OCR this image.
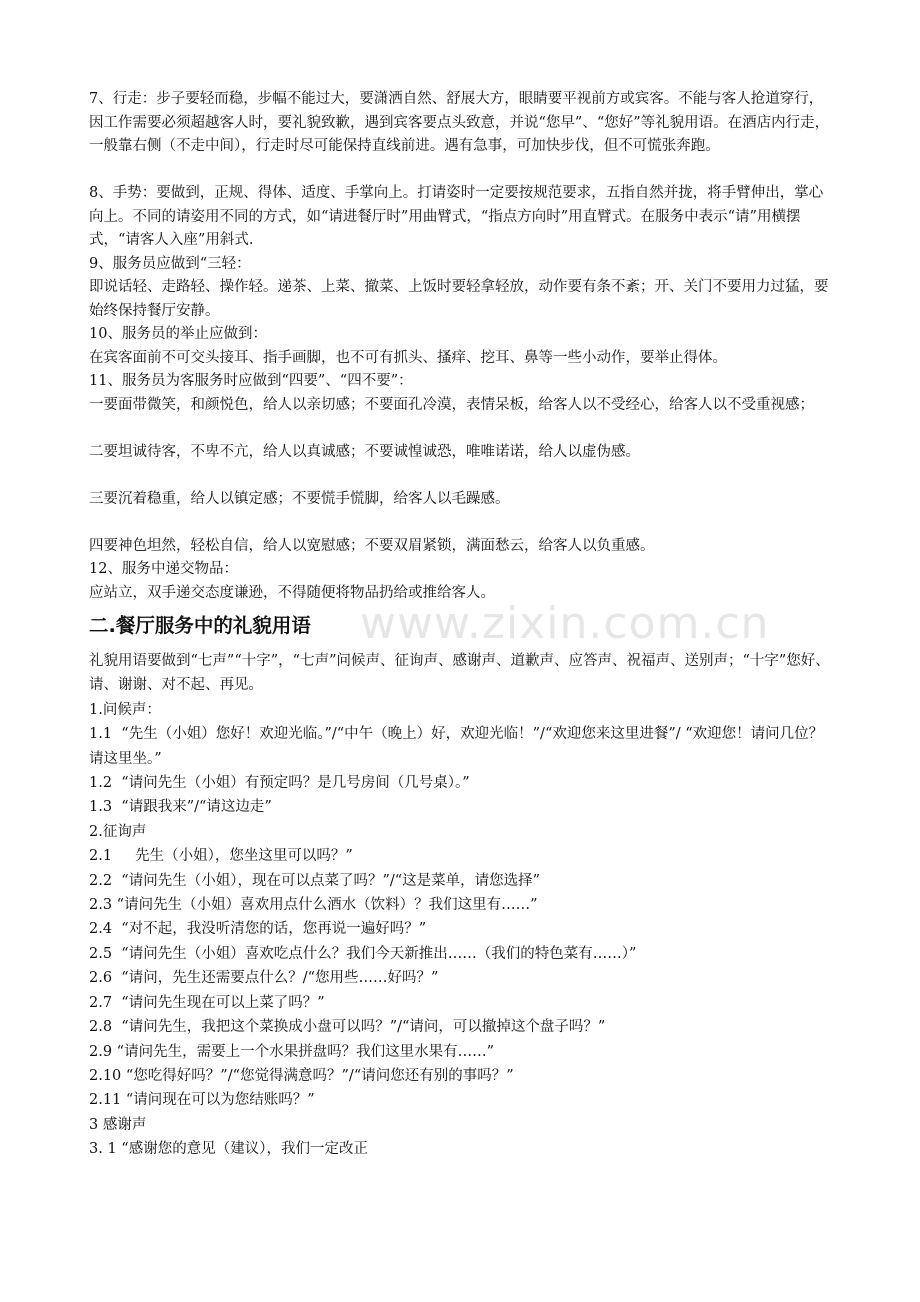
7、行走：步子要轻而稳，步幅不能过大，要潇洒自然、舒展大方，眼睛要平视前方或宾客。不能与客人抢道穿行，因工作需要必须超越客人时，要礼貌致歉，遇到宾客要点头致意，并说“您早”、“您好”等礼貌用语。在酒店内行走，一般靠右侧（不走中间），行走时尽可能保持直线前进。遇有急事，可加快步伐，但不可慌张奔跑。

8、手势：要做到，正规、得体、适度、手掌向上。打请姿时一定要按规范要求，五指自然并拢，将手臂伸出，掌心向上。不同的请姿用不同的方式，如“请进餐厅时”用曲臂式，“指点方向时”用直臂式。在服务中表示“请”用横摆式，“请客人入座”用斜式.

9、服务员应做到“三轻：

即说话轻、走路轻、操作轻。递茶、上菜、撤菜、上饭时要轻拿轻放，动作要有条不紊；开、关门不要用力过猛，要始终保持餐厅安静。

10、服务员的举止应做到：

在宾客面前不可交头接耳、指手画脚，也不可有抓头、搔痒、挖耳、鼻等一些小动作，要举止得体。

11、服务员为客服务时应做到“四要”、“四不要”：

一要面带微笑，和颜悦色，给人以亲切感；不要面孔冷漠，表情呆板，给客人以不受经心，给客人以不受重视感；

二要坦诚待客，不卑不亢，给人以真诚感；不要诚惶诚恐，唯唯诺诺，给人以虚伪感。

三要沉着稳重，给人以镇定感；不要慌手慌脚，给客人以毛躁感。

四要神色坦然，轻松自信，给人以宽慰感；不要双眉紧锁，满面愁云，给客人以负重感。

12、服务中递交物品：

应站立，双手递交态度谦逊，不得随便将物品扔给或推给客人。

二.餐厅服务中的礼貌用语

礼貌用语要做到“七声”“十字”，“七声”问候声、征询声、感谢声、道歉声、应答声、祝福声、送别声；“十字”您好、请、谢谢、对不起、再见。

1.问候声：

1.1  “先生（小姐）您好！欢迎光临。”/“中午（晚上）好，欢迎光临！”/“欢迎您来这里进餐”/ “欢迎您！请问几位？请这里坐。”

1.2  “请问先生（小姐）有预定吗？是几号房间（几号桌）。”

1.3  “请跟我来”/“请这边走”

2.征询声

2.1     先生（小姐），您坐这里可以吗？”

2.2  “请问先生（小姐），现在可以点菜了吗？”/“这是菜单，请您选择”

2.3 “请问先生（小姐）喜欢用点什么酒水（饮料）？我们这里有……”

2.4  “对不起，我没听清您的话，您再说一遍好吗？”

2.5  “请问先生（小姐）喜欢吃点什么？我们今天新推出……（我们的特色菜有……）”

2.6  “请问，先生还需要点什么？/“您用些……好吗？”

2.7  “请问先生现在可以上菜了吗？”

2.8  “请问先生，我把这个菜换成小盘可以吗？”/“请问，可以撤掉这个盘子吗？”

2.9 “请问先生，需要上一个水果拼盘吗？我们这里水果有……”

2.10 “您吃得好吗？”/“您觉得满意吗？”/“请问您还有别的事吗？”

2.11 “请问现在可以为您结账吗？”

3 感谢声

3. 1 “感谢您的意见（建议），我们一定改正

www.zixin.com.cn
